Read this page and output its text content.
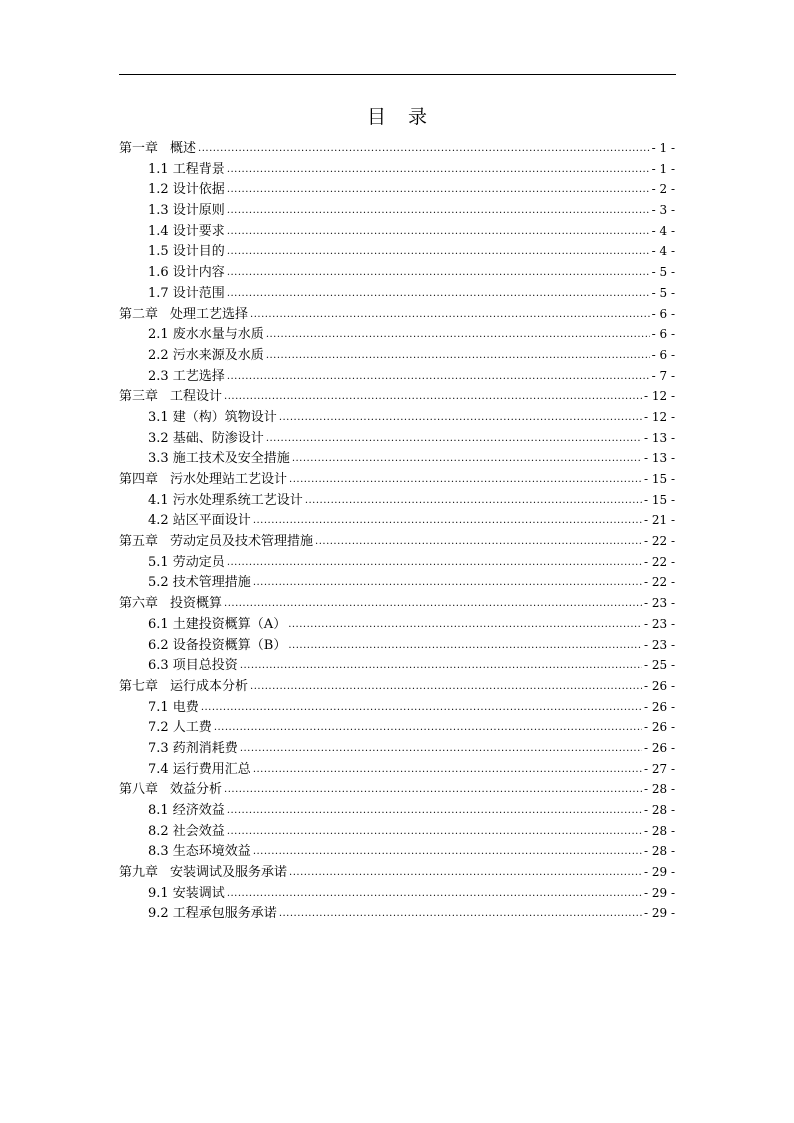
目录
第一章 概述 .....	- 1 -
1.1 工程背景 .....	- 1 -
1.2 设计依据 .....	- 2 -
1.3 设计原则 .....	- 3 -
1.4 设计要求 .....	- 4 -
1.5 设计目的 .....	- 4 -
1.6 设计内容 .....	- 5 -
1.7 设计范围 .....	- 5 -
第二章 处理工艺选择 .....	- 6 -
2.1 废水水量与水质 .....	- 6 -
2.2 污水来源及水质 .....	- 6 -
2.3 工艺选择 .....	- 7 -
第三章 工程设计 .....	- 12 -
3.1 建（构）筑物设计 .....	- 12 -
3.2 基础、防渗设计 .....	- 13 -
3.3 施工技术及安全措施 .....	- 13 -
第四章 污水处理站工艺设计 .....	- 15 -
4.1 污水处理系统工艺设计 .....	- 15 -
4.2 站区平面设计 .....	- 21 -
第五章 劳动定员及技术管理措施 .....	- 22 -
5.1 劳动定员 .....	- 22 -
5.2 技术管理措施 .....	- 22 -
第六章 投资概算 .....	- 23 -
6.1 土建投资概算（A） .....	- 23 -
6.2 设备投资概算（B） .....	- 23 -
6.3 项目总投资 .....	- 25 -
第七章 运行成本分析 .....	- 26 -
7.1 电费 .....	- 26 -
7.2 人工费 .....	- 26 -
7.3 药剂消耗费 .....	- 26 -
7.4 运行费用汇总 .....	- 27 -
第八章 效益分析 .....	- 28 -
8.1 经济效益 .....	- 28 -
8.2 社会效益 .....	- 28 -
8.3 生态环境效益 .....	- 28 -
第九章 安装调试及服务承诺 .....	- 29 -
9.1 安装调试 .....	- 29 -
9.2 工程承包服务承诺 .....	- 29 -
